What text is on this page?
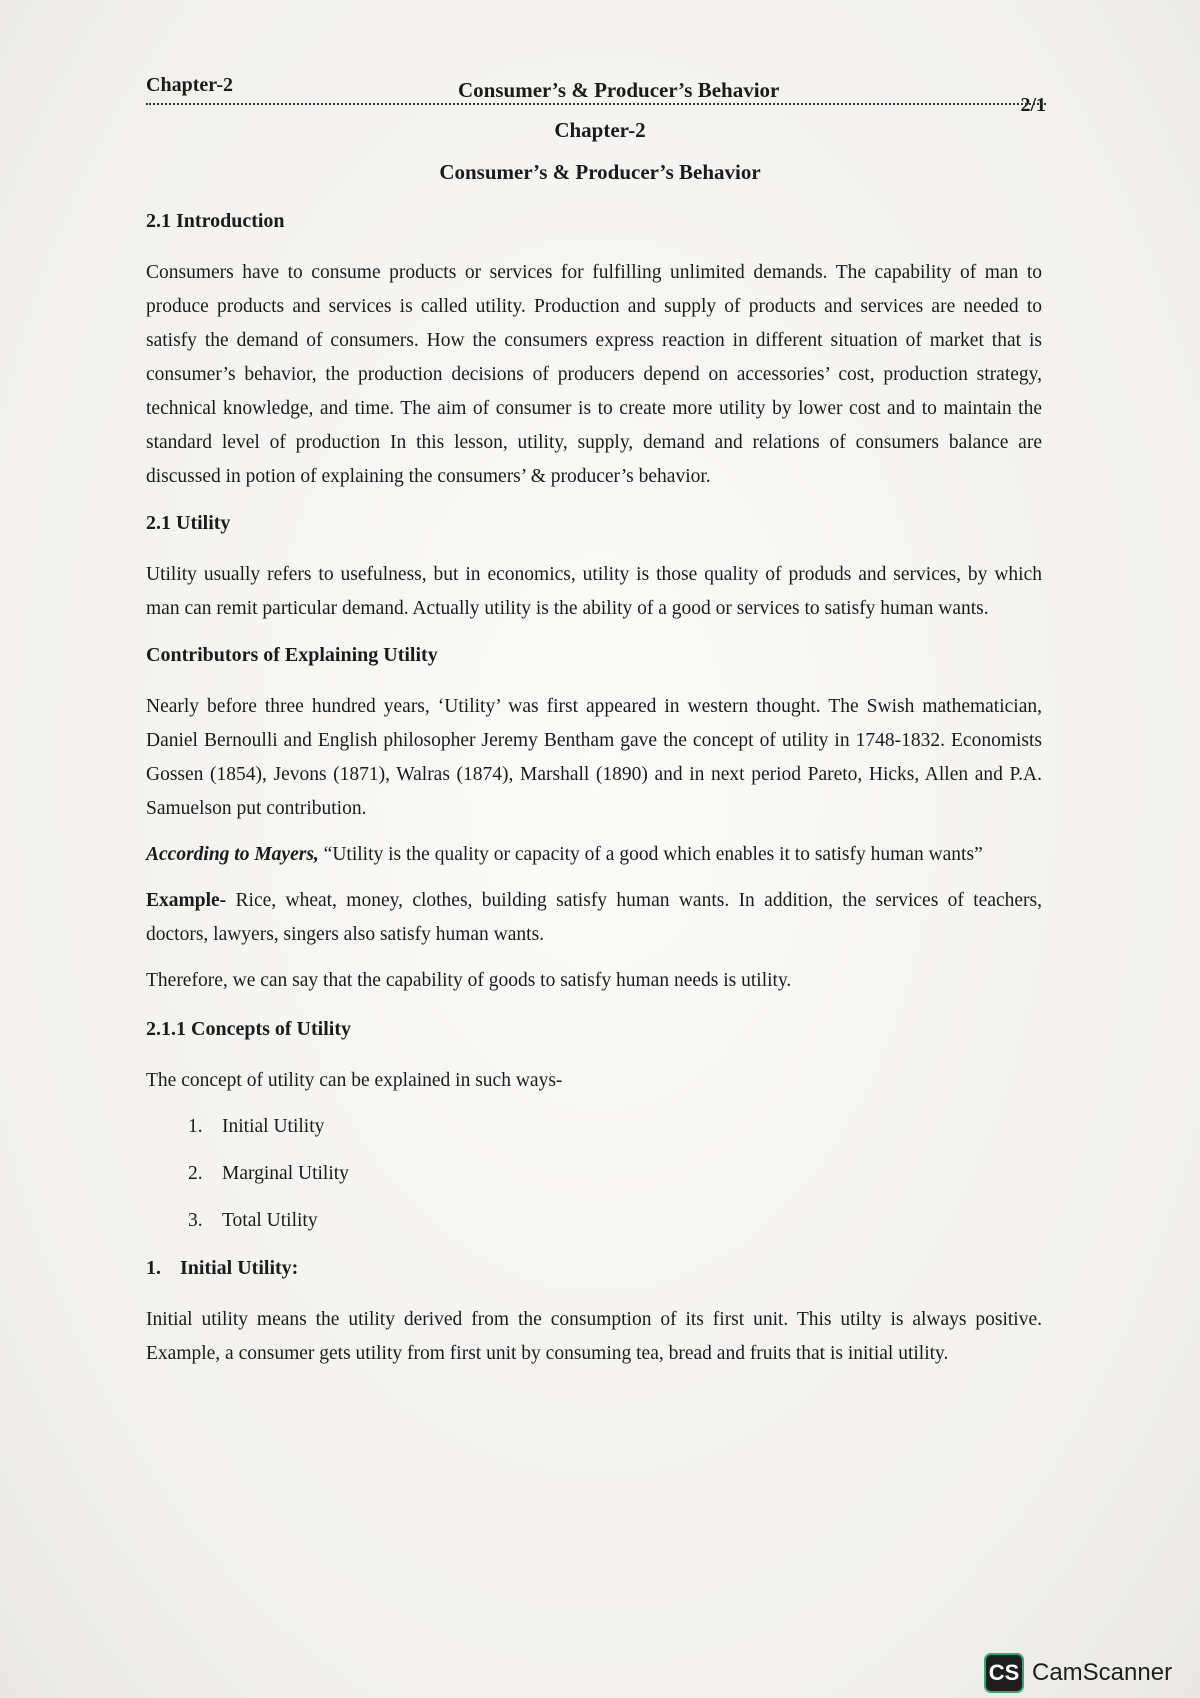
Chapter-2	Consumer’s & Producer’s Behavior
2/1
Chapter-2
Consumer’s & Producer’s Behavior
2.1 Introduction
Consumers have to consume products or services for fulfilling unlimited demands. The capability of man to produce products and services is called utility. Production and supply of products and services are needed to satisfy the demand of consumers. How the consumers express reaction in different situation of market that is consumer’s behavior, the production decisions of producers depend on accessories’ cost, production strategy, technical knowledge, and time. The aim of consumer is to create more utility by lower cost and to maintain the standard level of production In this lesson, utility, supply, demand and relations of consumers balance are discussed in potion of explaining the consumers’ & producer’s behavior.
2.1 Utility
Utility usually refers to usefulness, but in economics, utility is those quality of produds and services, by which man can remit particular demand. Actually utility is the ability of a good or services to satisfy human wants.
Contributors of Explaining Utility
Nearly before three hundred years, ‘Utility’ was first appeared in western thought. The Swish mathematician, Daniel Bernoulli and English philosopher Jeremy Bentham gave the concept of utility in 1748-1832. Economists Gossen (1854), Jevons (1871), Walras (1874), Marshall (1890) and in next period Pareto, Hicks, Allen and P.A. Samuelson put contribution.
According to Mayers, “Utility is the quality or capacity of a good which enables it to satisfy human wants”
Example- Rice, wheat, money, clothes, building satisfy human wants. In addition, the services of teachers, doctors, lawyers, singers also satisfy human wants.
Therefore, we can say that the capability of goods to satisfy human needs is utility.
2.1.1 Concepts of Utility
The concept of utility can be explained in such ways-
1. Initial Utility
2. Marginal Utility
3. Total Utility
1. Initial Utility:
Initial utility means the utility derived from the consumption of its first unit. This utilty is always positive. Example, a consumer gets utility from first unit by consuming tea, bread and fruits that is initial utility.
CS CamScanner
